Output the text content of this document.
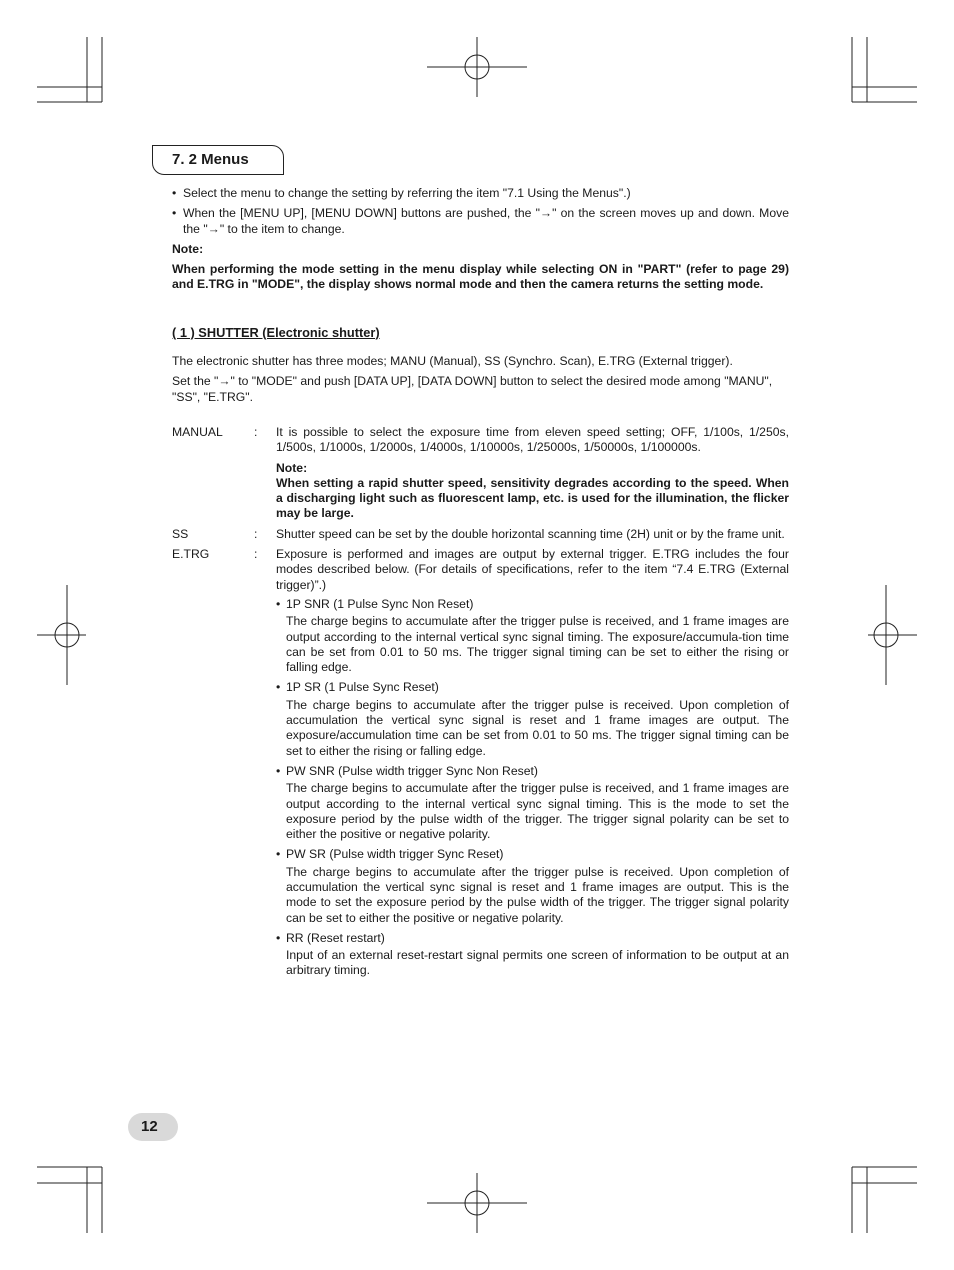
7. 2 Menus

• Select the menu to change the setting by referring the item "7.1 Using the Menus".)

• When the [MENU UP], [MENU DOWN] buttons are pushed, the "→" on the screen moves up and down. Move the "→" to the item to change.

Note:

When performing the mode setting in the menu display while selecting ON in "PART" (refer to page 29) and E.TRG in "MODE", the display shows normal mode and then the camera returns the setting mode.

( 1 ) SHUTTER (Electronic shutter)

The electronic shutter has three modes; MANU (Manual), SS (Synchro. Scan), E.TRG (External trigger).

Set the "→" to "MODE" and push [DATA UP], [DATA DOWN] button to select the desired mode among "MANU", "SS", "E.TRG".

MANUAL	:	It is possible to select the exposure time from eleven speed setting; OFF, 1/100s, 1/250s, 1/500s, 1/1000s, 1/2000s, 1/4000s, 1/10000s, 1/25000s, 1/50000s, 1/100000s.

Note:

When setting a rapid shutter speed, sensitivity degrades according to the speed. When a discharging light such as fluorescent lamp, etc. is used for the illumination, the flicker may be large.

SS	:	Shutter speed can be set by the double horizontal scanning time (2H) unit or by the frame unit.

E.TRG	:	Exposure is performed and images are output by external trigger. E.TRG includes the four modes described below. (For details of specifications, refer to the item “7.4 E.TRG (External trigger)”.)

• 1P SNR (1 Pulse Sync Non Reset)

The charge begins to accumulate after the trigger pulse is received, and 1 frame images are output according to the internal vertical sync signal timing. The exposure/accumula-tion time can be set from 0.01 to 50 ms. The trigger signal timing can be set to either the rising or falling edge.

• 1P SR (1 Pulse Sync Reset)

The charge begins to accumulate after the trigger pulse is received. Upon completion of accumulation the vertical sync signal is reset and 1 frame images are output. The exposure/accumulation time can be set from 0.01 to 50 ms. The trigger signal timing can be set to either the rising or falling edge.

• PW SNR (Pulse width trigger Sync Non Reset)

The charge begins to accumulate after the trigger pulse is received, and 1 frame images are output according to the internal vertical sync signal timing. This is the mode to set the exposure period by the pulse width of the trigger. The trigger signal polarity can be set to either the positive or negative polarity.

• PW SR (Pulse width trigger Sync Reset)

The charge begins to accumulate after the trigger pulse is received. Upon completion of accumulation the vertical sync signal is reset and 1 frame images are output. This is the mode to set the exposure period by the pulse width of the trigger. The trigger signal polarity can be set to either the positive or negative polarity.

• RR (Reset restart)

Input of an external reset-restart signal permits one screen of information to be output at an arbitrary timing.

12
